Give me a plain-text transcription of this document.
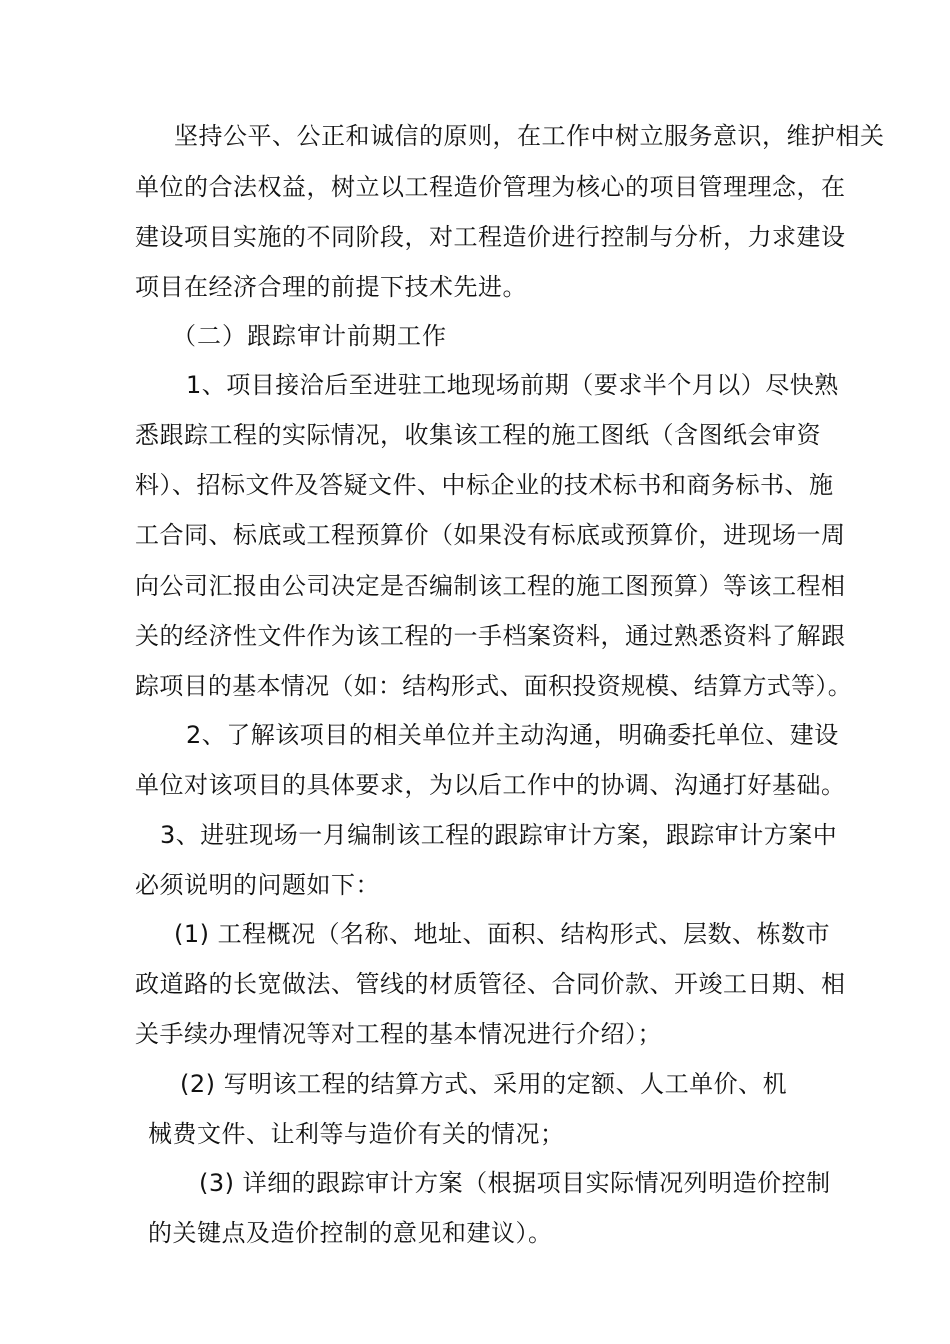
坚持公平、公正和诚信的原则，在工作中树立服务意识，维护相关

单位的合法权益，树立以工程造价管理为核心的项目管理理念，在

建设项目实施的不同阶段，对工程造价进行控制与分析，力求建设

项目在经济合理的前提下技术先进。

（二）跟踪审计前期工作

1、项目接洽后至进驻工地现场前期（要求半个月以）尽快熟

悉跟踪工程的实际情况，收集该工程的施工图纸（含图纸会审资

料）、招标文件及答疑文件、中标企业的技术标书和商务标书、施

工合同、标底或工程预算价（如果没有标底或预算价，进现场一周

向公司汇报由公司决定是否编制该工程的施工图预算）等该工程相

关的经济性文件作为该工程的一手档案资料，通过熟悉资料了解跟

踪项目的基本情况（如：结构形式、面积投资规模、结算方式等）。

2、了解该项目的相关单位并主动沟通，明确委托单位、建设

单位对该项目的具体要求，为以后工作中的协调、沟通打好基础。

3、进驻现场一月编制该工程的跟踪审计方案，跟踪审计方案中

必须说明的问题如下：

(1) 工程概况（名称、地址、面积、结构形式、层数、栋数市

政道路的长宽做法、管线的材质管径、合同价款、开竣工日期、相

关手续办理情况等对工程的基本情况进行介绍）；

(2) 写明该工程的结算方式、采用的定额、人工单价、机

械费文件、让利等与造价有关的情况；

(3) 详细的跟踪审计方案（根据项目实际情况列明造价控制

的关键点及造价控制的意见和建议）。
